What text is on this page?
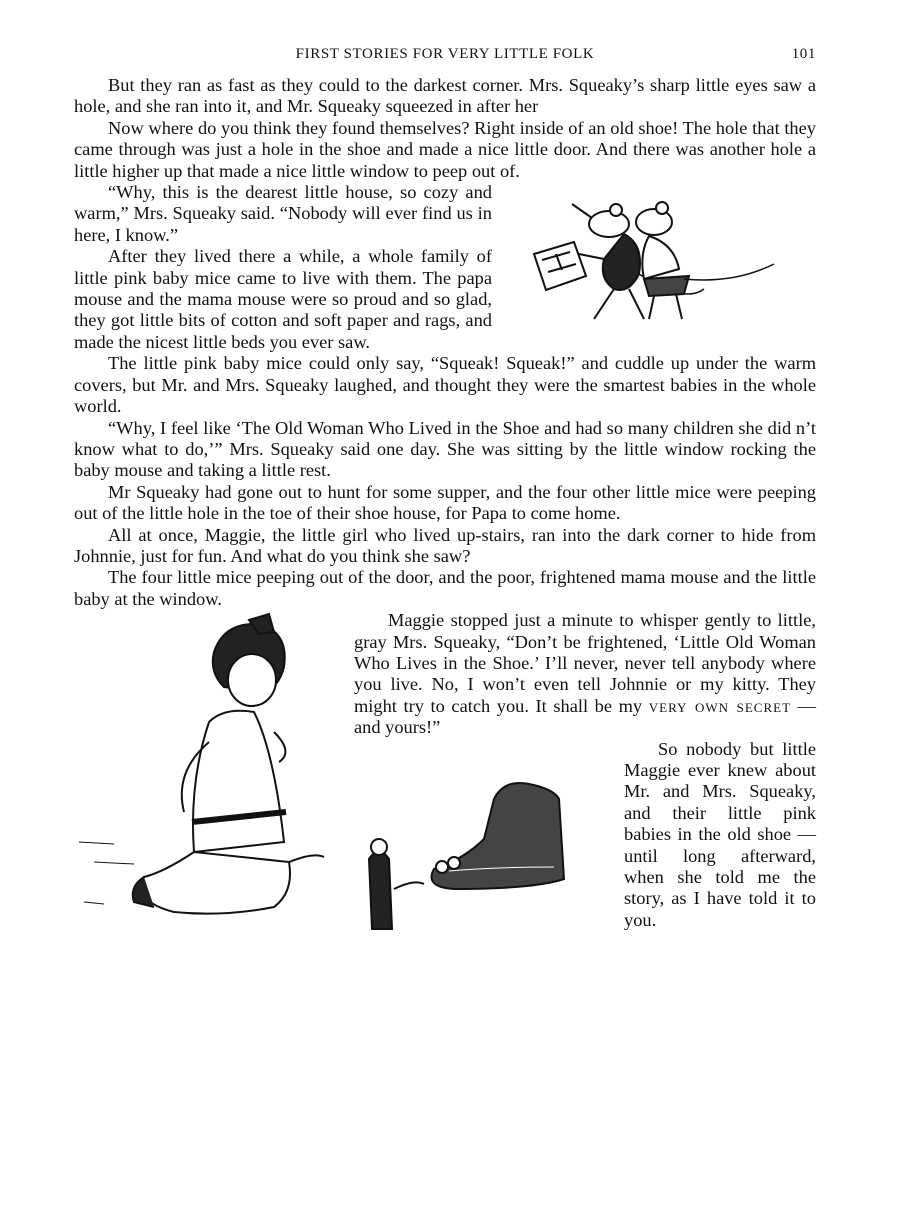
FIRST STORIES FOR VERY LITTLE FOLK	101

But they ran as fast as they could to the darkest corner. Mrs. Squeaky’s sharp little eyes saw a hole, and she ran into it, and Mr. Squeaky squeezed in after her

Now where do you think they found themselves? Right inside of an old shoe! The hole that they came through was just a hole in the shoe and made a nice little door. And there was another hole a little higher up that made a nice little window to peep out of.

“Why, this is the dearest little house, so cozy and warm,” Mrs. Squeaky said. “Nobody will ever find us in here, I know.”

After they lived there a while, a whole family of little pink baby mice came to live with them. The papa mouse and the mama mouse were so proud and so glad, they got little bits of cotton and soft paper and rags, and made the nicest little beds you ever saw.

The little pink baby mice could only say, “Squeak! Squeak!” and cuddle up under the warm covers, but Mr. and Mrs. Squeaky laughed, and thought they were the smartest babies in the whole world.

“Why, I feel like ‘The Old Woman Who Lived in the Shoe and had so many children she did n’t know what to do,’” Mrs. Squeaky said one day. She was sitting by the little window rocking the baby mouse and taking a little rest.

Mr Squeaky had gone out to hunt for some supper, and the four other little mice were peeping out of the little hole in the toe of their shoe house, for Papa to come home.

All at once, Maggie, the little girl who lived up-stairs, ran into the dark corner to hide from Johnnie, just for fun. And what do you think she saw?

The four little mice peeping out of the door, and the poor, frightened mama mouse and the little baby at the window.

Maggie stopped just a minute to whisper gently to little, gray Mrs. Squeaky, “Don’t be frightened, ‘Little Old Woman Who Lives in the Shoe.’ I’ll never, never tell anybody where you live. No, I won’t even tell Johnnie or my kitty. They might try to catch you. It shall be my very own secret — and yours!”

So nobody but little Maggie ever knew about Mr. and Mrs. Squeaky, and their little pink babies in the old shoe — until long afterward, when she told me the story, as I have told it to you.
